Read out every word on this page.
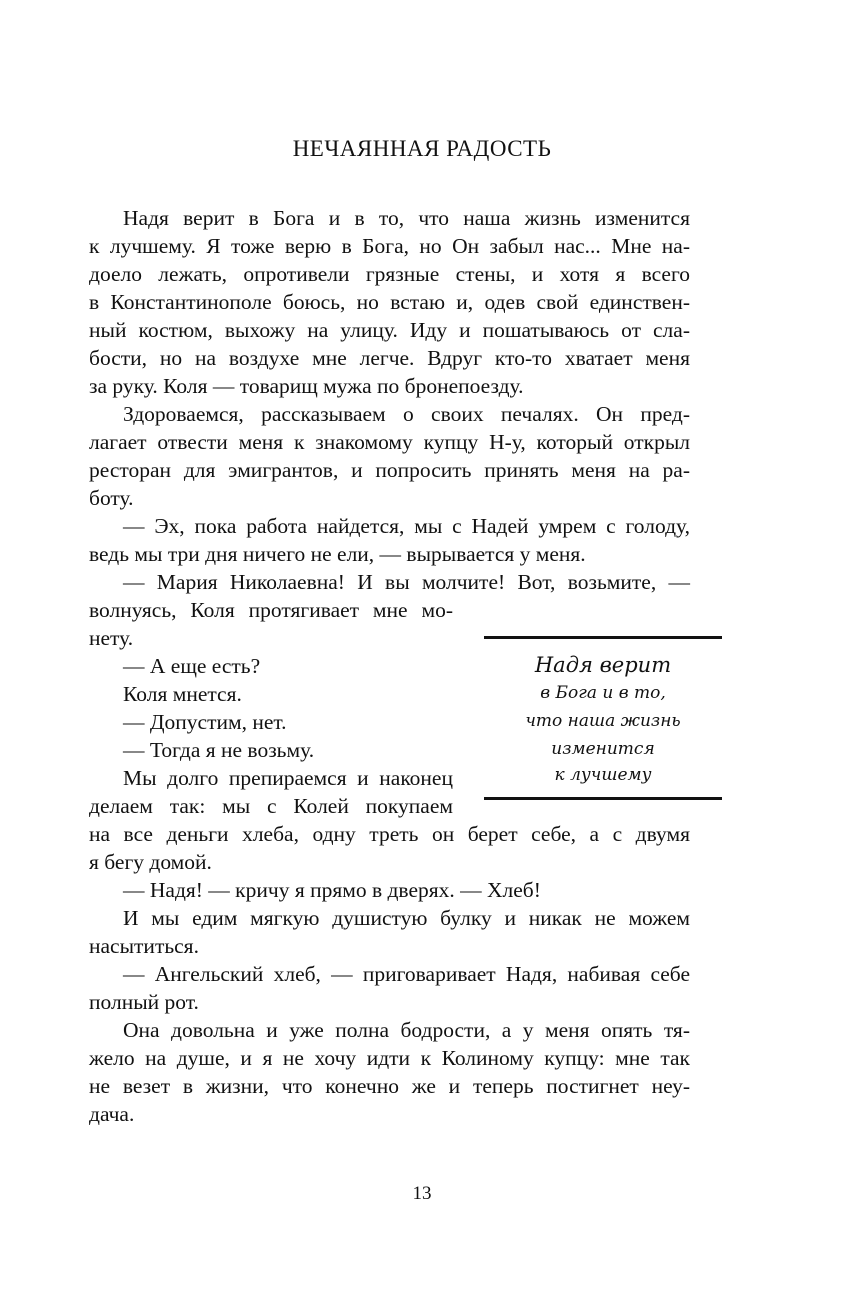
НЕЧАЯННАЯ РАДОСТЬ
Надя верит в Бога и в то, что наша жизнь изменится
к лучшему. Я тоже верю в Бога, но Он забыл нас... Мне на-
доело лежать, опротивели грязные стены, и хотя я всего
в Константинополе боюсь, но встаю и, одев свой единствен-
ный костюм, выхожу на улицу. Иду и пошатываюсь от сла-
бости, но на воздухе мне легче. Вдруг кто-то хватает меня
за руку. Коля — товарищ мужа по бронепоезду.
Здороваемся, рассказываем о своих печалях. Он пред-
лагает отвести меня к знакомому купцу Н-у, который открыл
ресторан для эмигрантов, и попросить принять меня на ра-
боту.
— Эх, пока работа найдется, мы с Надей умрем с голоду,
ведь мы три дня ничего не ели, — вырывается у меня.
— Мария Николаевна! И вы молчите! Вот, возьмите, —
волнуясь, Коля протягивает мне мо-
нету.
— А еще есть?
Коля мнется.
— Допустим, нет.
— Тогда я не возьму.
Мы долго препираемся и наконец
делаем так: мы с Колей покупаем
на все деньги хлеба, одну треть он берет себе, а с двумя
я бегу домой.
— Надя! — кричу я прямо в дверях. — Хлеб!
И мы едим мягкую душистую булку и никак не можем
насытиться.
— Ангельский хлеб, — приговаривает Надя, набивая себе
полный рот.
Она довольна и уже полна бодрости, а у меня опять тя-
жело на душе, и я не хочу идти к Колиному купцу: мне так
не везет в жизни, что конечно же и теперь постигнет неу-
дача.
Надя верит
в Бога и в то,
что наша жизнь
изменится
к лучшему
13
